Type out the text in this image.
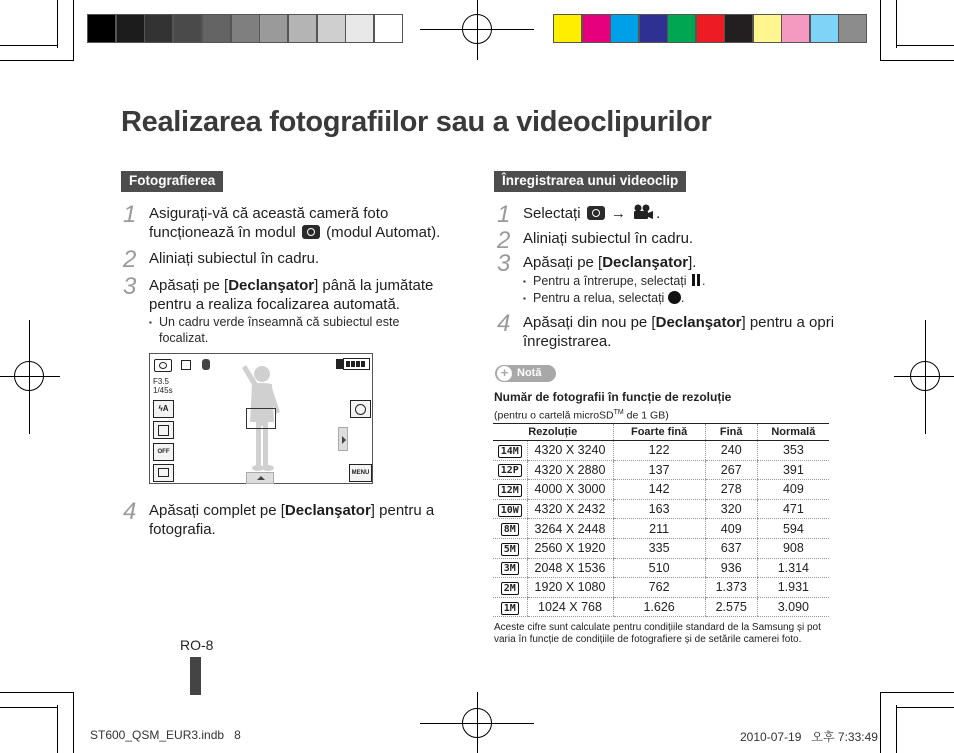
Realizarea fotografiilor sau a videoclipurilor
Fotografierea
1 Asigurați-vă că această cameră foto funcționează în modul (modul Automat).
2 Aliniați subiectul în cadru.
3 Apăsați pe [Declanşator] până la jumătate pentru a realiza focalizarea automată.
▪ Un cadru verde înseamnă că subiectul este focalizat.
F3.5
1/45s
ϟA
OFF
MENU
4 Apăsați complet pe [Declanşator] pentru a fotografia.
Înregistrarea unui videoclip
1 Selectați → .
2 Aliniați subiectul în cadru.
3 Apăsați pe [Declanşator].
▪ Pentru a întrerupe, selectați .
▪ Pentru a relua, selectați .
4 Apăsați din nou pe [Declanşator] pentru a opri înregistrarea.
+ Notă
Număr de fotografii în funcție de rezoluție
(pentru o cartelă microSD™ de 1 GB)
Rezoluție		Foarte fină	Fină	Normală
14M	4320 X 3240	122	240	353
12P	4320 X 2880	137	267	391
12M	4000 X 3000	142	278	409
10W	4320 X 2432	163	320	471
8M	3264 X 2448	211	409	594
5M	2560 X 1920	335	637	908
3M	2048 X 1536	510	936	1.314
2M	1920 X 1080	762	1.373	1.931
1M	1024 X 768	1.626	2.575	3.090
Aceste cifre sunt calculate pentru condițiile standard de la Samsung și pot varia în funcție de condițiile de fotografiere și de setările camerei foto.
RO-8
ST600_QSM_EUR3.indb   8	2010-07-19   오후 7:33:49
